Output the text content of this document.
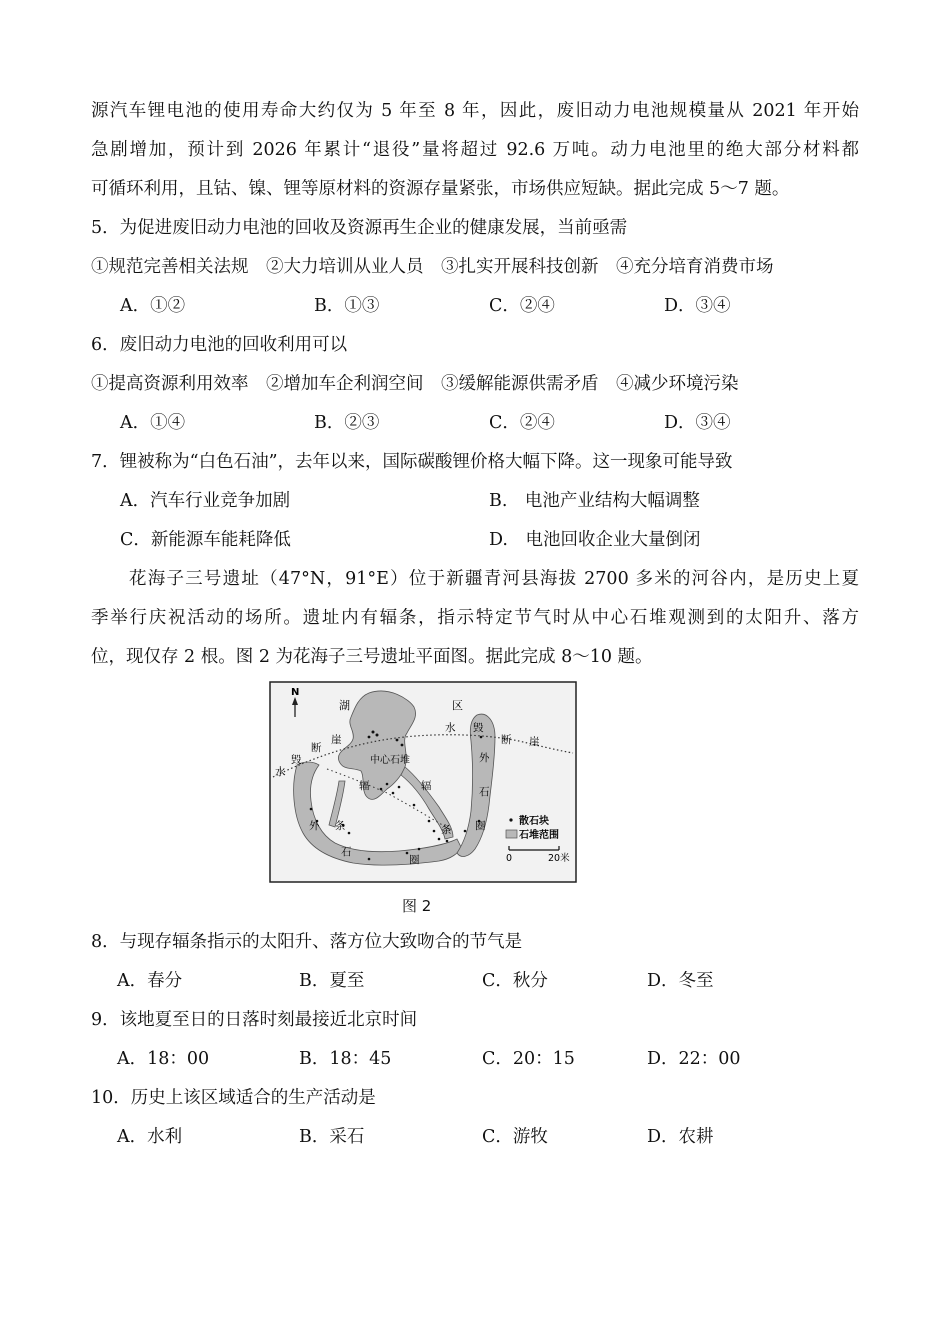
源汽车锂电池的使用寿命大约仅为 5 年至 8 年，因此，废旧动力电池规模量从 2021 年开始
急剧增加，预计到 2026 年累计“退役”量将超过 92.6 万吨。动力电池里的绝大部分材料都
可循环利用，且钴、镍、锂等原材料的资源存量紧张，市场供应短缺。据此完成 5～7 题。
5．为促进废旧动力电池的回收及资源再生企业的健康发展，当前亟需
①规范完善相关法规　②大力培训从业人员　③扎实开展科技创新　④充分培育消费市场
A．①②	B．①③	C．②④	D．③④
6．废旧动力电池的回收利用可以
①提高资源利用效率　②增加车企利润空间　③缓解能源供需矛盾　④减少环境污染
A．①④	B．②③	C．②④	D．③④
7．锂被称为“白色石油”，去年以来，国际碳酸锂价格大幅下降。这一现象可能导致
A．汽车行业竞争加剧	B.　电池产业结构大幅调整
C．新能源车能耗降低	D.　电池回收企业大量倒闭
花海子三号遗址（47°N，91°E）位于新疆青河县海拔 2700 多米的河谷内，是历史上夏
季举行庆祝活动的场所。遗址内有辐条，指示特定节气时从中心石堆观测到的太阳升、落方
位，现仅存 2 根。图 2 为花海子三号遗址平面图。据此完成 8～10 题。
N
湖	区
中心石堆
水
毁
断
崖
水 毁
断 崖
辐
条
辐
条
外
石
圈
外
石
圈	散石块
石堆范围
0	20米
图 2
8．与现存辐条指示的太阳升、落方位大致吻合的节气是
A．春分	B．夏至	C．秋分	D．冬至
9．该地夏至日的日落时刻最接近北京时间
A．18：00	B．18：45	C．20：15	D．22：00
10．历史上该区域适合的生产活动是
A．水利	B．采石	C．游牧	D．农耕
